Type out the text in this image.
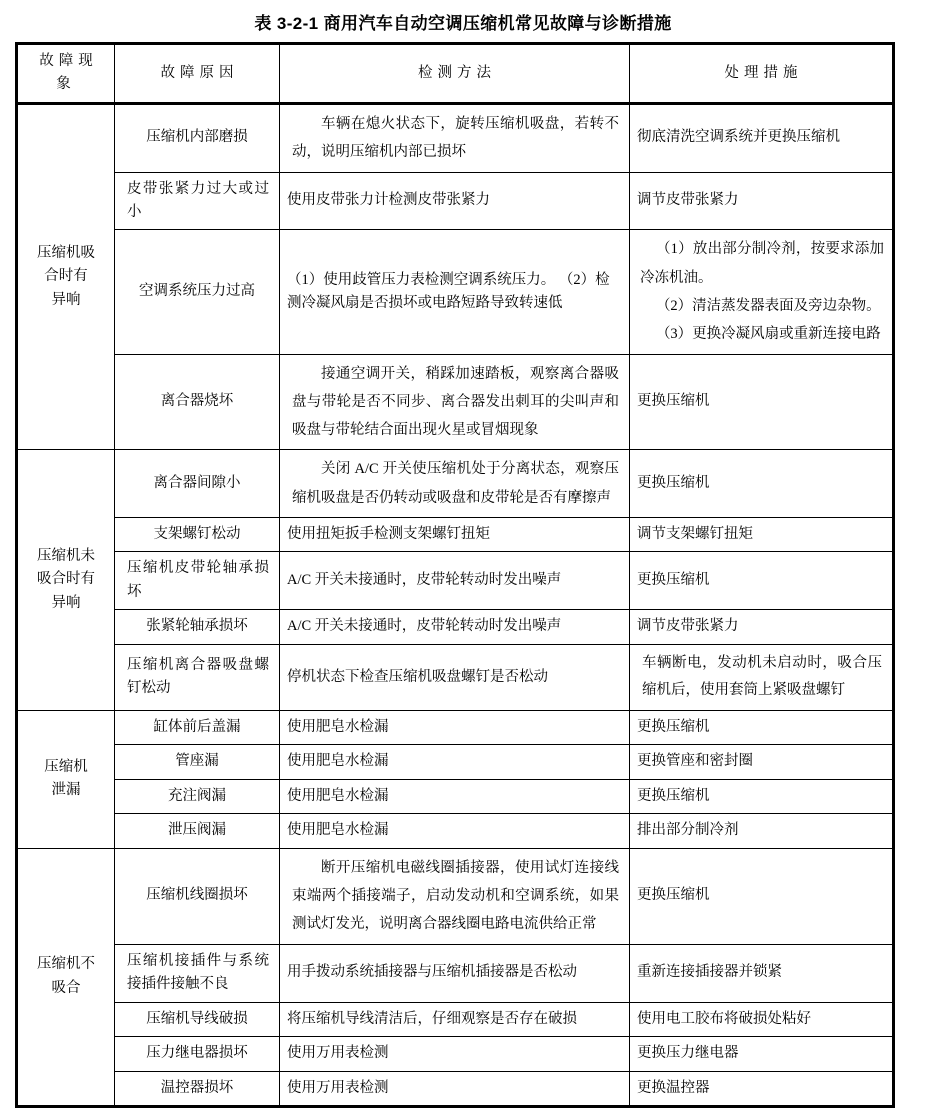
表 3-2-1 商用汽车自动空调压缩机常见故障与诊断措施
故障现象	故障原因	检测方法	处理措施

压缩机吸
合时有
异响	压缩机内部磨损	车辆在熄火状态下，旋转压缩机吸盘，若转不动，说明压缩机内部已损坏	彻底清洗空调系统并更换压缩机
	皮带张紧力过大或过小	使用皮带张力计检测皮带张紧力	调节皮带张紧力
	空调系统压力过高	（1）使用歧管压力表检测空调系统压力。 （2）检测冷凝风扇是否损坏或电路短路导致转速低	（1）放出部分制冷剂，按要求添加冷冻机油。
（2）清洁蒸发器表面及旁边杂物。
（3）更换冷凝风扇或重新连接电路

	离合器烧坏	接通空调开关，稍踩加速踏板，观察离合器吸盘与带轮是否不同步、离合器发出刺耳的尖叫声和吸盘与带轮结合面出现火星或冒烟现象	更换压缩机

压缩机未
吸合时有
异响	离合器间隙小	关闭 A/C 开关使压缩机处于分离状态，观察压缩机吸盘是否仍转动或吸盘和皮带轮是否有摩擦声	更换压缩机
	支架螺钉松动	使用扭矩扳手检测支架螺钉扭矩	调节支架螺钉扭矩
	压缩机皮带轮轴承损坏	A/C 开关未接通时，皮带轮转动时发出噪声	更换压缩机
	张紧轮轴承损坏	A/C 开关未接通时，皮带轮转动时发出噪声	调节皮带张紧力
	压缩机离合器吸盘螺钉松动	停机状态下检查压缩机吸盘螺钉是否松动	车辆断电，发动机未启动时，吸合压缩机后，使用套筒上紧吸盘螺钉

压缩机
泄漏	缸体前后盖漏	使用肥皂水检漏	更换压缩机
	管座漏	使用肥皂水检漏	更换管座和密封圈
	充注阀漏	使用肥皂水检漏	更换压缩机
	泄压阀漏	使用肥皂水检漏	排出部分制冷剂

压缩机不
吸合	压缩机线圈损坏	断开压缩机电磁线圈插接器，使用试灯连接线束端两个插接端子，启动发动机和空调系统，如果测试灯发光，说明离合器线圈电路电流供给正常	更换压缩机
	压缩机接插件与系统接插件接触不良	用手拨动系统插接器与压缩机插接器是否松动	重新连接插接器并锁紧
	压缩机导线破损	将压缩机导线清洁后，仔细观察是否存在破损	使用电工胶布将破损处粘好
	压力继电器损坏	使用万用表检测	更换压力继电器
	温控器损坏	使用万用表检测	更换温控器
